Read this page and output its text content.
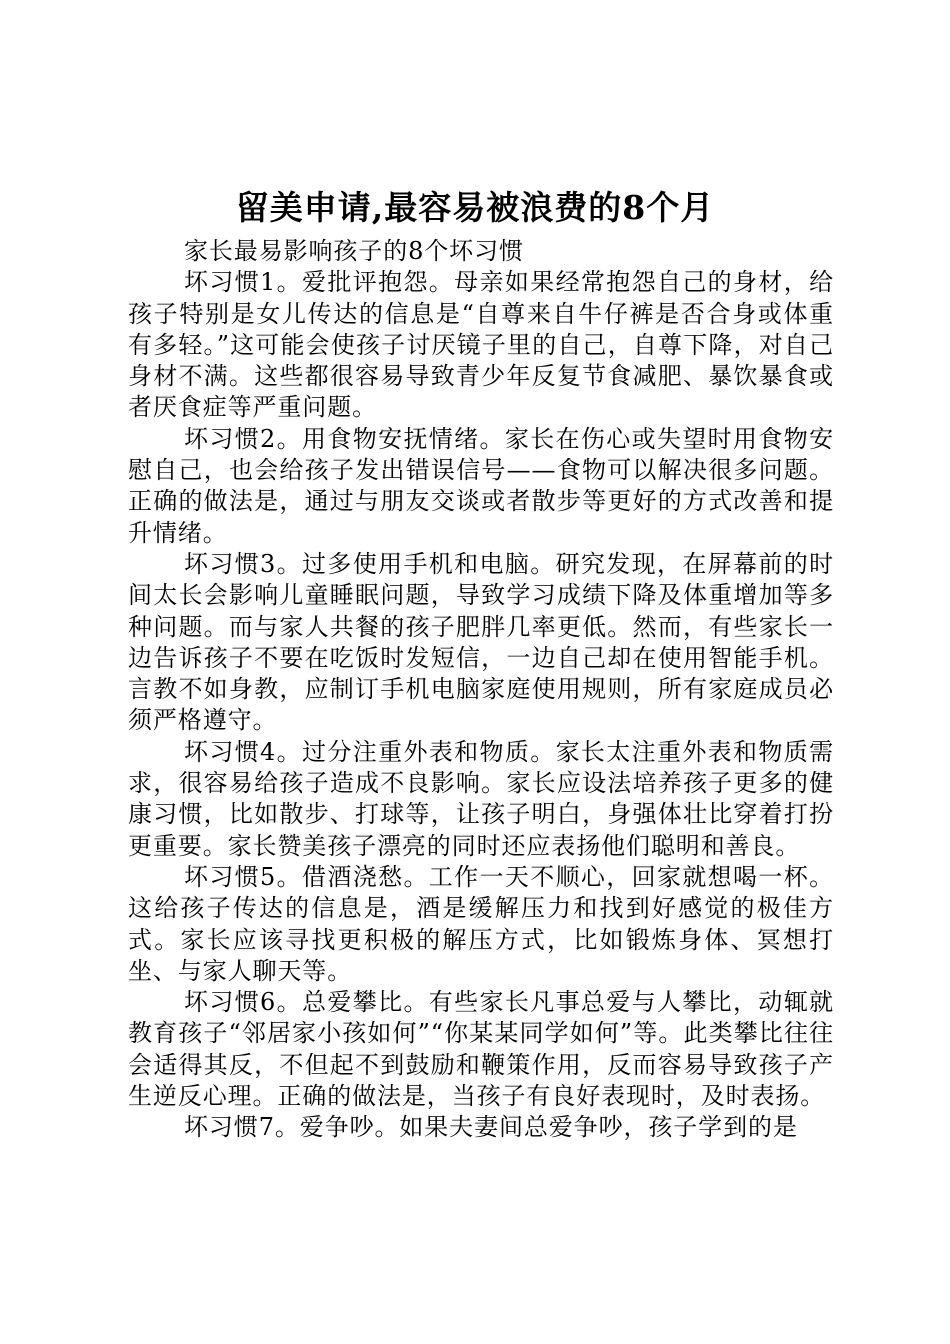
留美申请,最容易被浪费的8个月

家长最易影响孩子的8个坏习惯

坏习惯1。爱批评抱怨。母亲如果经常抱怨自己的身材，给孩子特别是女儿传达的信息是“自尊来自牛仔裤是否合身或体重有多轻。”这可能会使孩子讨厌镜子里的自己，自尊下降，对自己身材不满。这些都很容易导致青少年反复节食减肥、暴饮暴食或者厌食症等严重问题。

坏习惯2。用食物安抚情绪。家长在伤心或失望时用食物安慰自己，也会给孩子发出错误信号——食物可以解决很多问题。正确的做法是，通过与朋友交谈或者散步等更好的方式改善和提升情绪。

坏习惯3。过多使用手机和电脑。研究发现，在屏幕前的时间太长会影响儿童睡眠问题，导致学习成绩下降及体重增加等多种问题。而与家人共餐的孩子肥胖几率更低。然而，有些家长一边告诉孩子不要在吃饭时发短信，一边自己却在使用智能手机。言教不如身教，应制订手机电脑家庭使用规则，所有家庭成员必须严格遵守。

坏习惯4。过分注重外表和物质。家长太注重外表和物质需求，很容易给孩子造成不良影响。家长应设法培养孩子更多的健康习惯，比如散步、打球等，让孩子明白，身强体壮比穿着打扮更重要。家长赞美孩子漂亮的同时还应表扬他们聪明和善良。

坏习惯5。借酒浇愁。工作一天不顺心，回家就想喝一杯。这给孩子传达的信息是，酒是缓解压力和找到好感觉的极佳方式。家长应该寻找更积极的解压方式，比如锻炼身体、冥想打坐、与家人聊天等。

坏习惯6。总爱攀比。有些家长凡事总爱与人攀比，动辄就教育孩子“邻居家小孩如何”“你某某同学如何”等。此类攀比往往会适得其反，不但起不到鼓励和鞭策作用，反而容易导致孩子产生逆反心理。正确的做法是，当孩子有良好表现时，及时表扬。

坏习惯7。爱争吵。如果夫妻间总爱争吵，孩子学到的是
